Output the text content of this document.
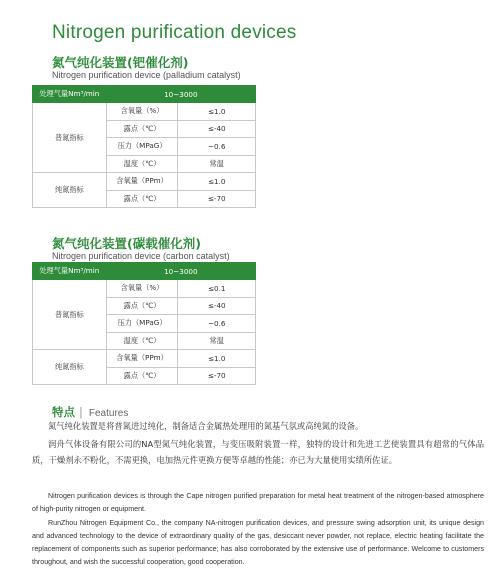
Nitrogen purification devices
氮气纯化装置(钯催化剂)
Nitrogen purification device (palladium catalyst)
处理气量Nm³/min	10~3000	
普氮指标	含氧量（%）	≤1.0
	露点（℃）	≤-40
	压力（MPaG）	~0.6
	温度（℃）	常温
纯氮指标	含氧量（PPm）	≤1.0
	露点（℃）	≤-70
氮气纯化装置(碳载催化剂)
Nitrogen purification device (carbon catalyst)
处理气量Nm³/min	10~3000	
普氮指标	含氧量（%）	≤0.1
	露点（℃）	≤-40
	压力（MPaG）	~0.6
	温度（℃）	常温
纯氮指标	含氧量（PPm）	≤1.0
	露点（℃）	≤-70
特点 | Features

氮气纯化装置是将普氮进过纯化，制备适合金属热处理用的氮基气氛或高纯氮的设备。

润舟气体设备有限公司的NA型氮气纯化装置，与变压吸附装置一样，独特的设计和先进工艺使装置具有超常的气体品质，干燥剂永不粉化，不需更换，电加热元件更换方便等卓越的性能；亦已为大量使用实绩所佐证。

Nitrogen purification devices is through the Cape nitrogen purified preparation for metal heat treatment of the nitrogen-based atmosphere of high-purity nitrogen or equipment.

RunZhou Nitrogen Equipment Co., the company NA-nitrogen purification devices, and pressure swing adsorption unit, its unique design and advanced technology to the device of extraordinary quality of the gas, desiccant never powder, not replace, electric heating facilitate the replacement of components such as superior performance; has also corroborated by the extensive use of performance. Welcome to customers throughout, and wish the successful cooperation, good cooperation.
